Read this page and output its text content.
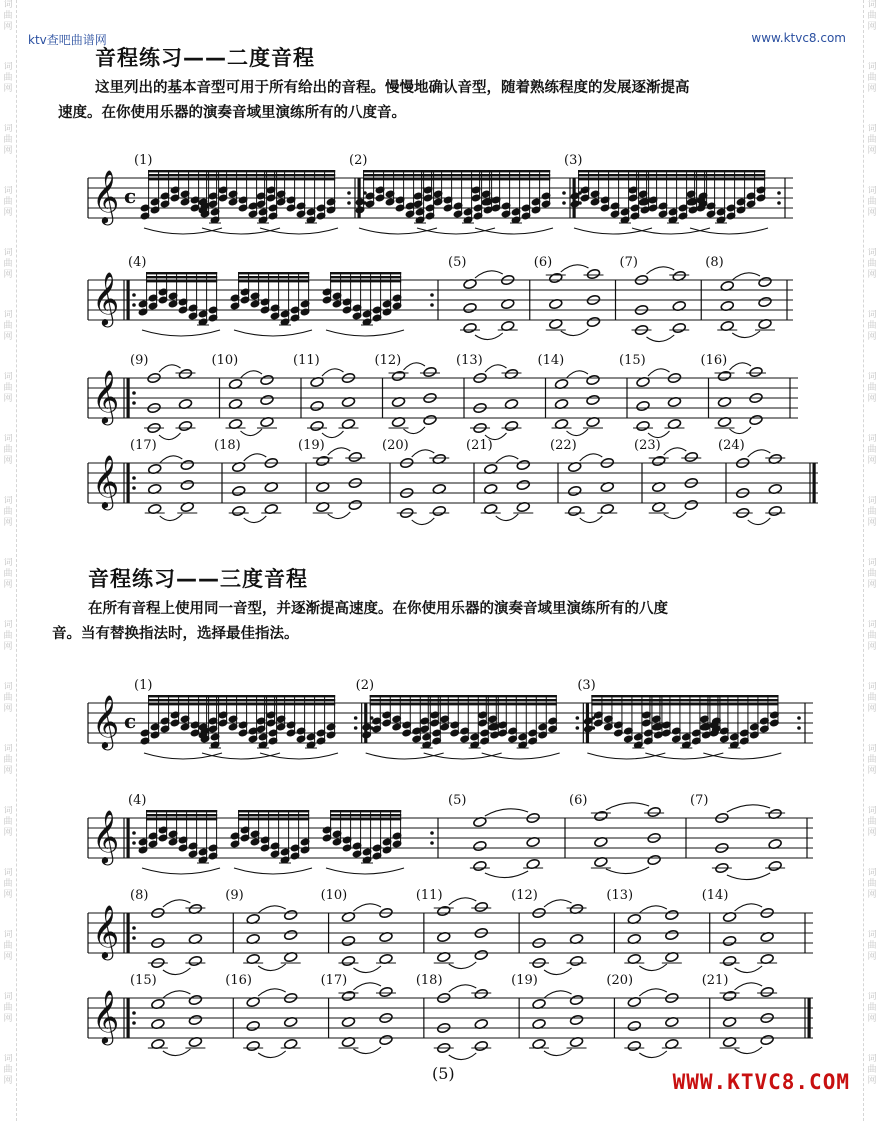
词
曲
网
词
曲
网
词
曲
网
词
曲
网
词
曲
网
词
曲
网
词
曲
网
词
曲
网
词
曲
网
词
曲
网
词
曲
网
词
曲
网
词
曲
网
词
曲
网
词
曲
网
词
曲
网
词
曲
网
词
曲
网
词
曲
网
词
曲
网
词
曲
网
词
曲
网
词
曲
网
词
曲
网
词
曲
网
词
曲
网
词
曲
网
词
曲
网
词
曲
网
词
曲
网
词
曲
网
词
曲
网
词
曲
网
词
曲
网
词
曲
网
词
曲
网
ktv查吧曲谱网	www.ktvc8.com
音程练习——二度音程
这里列出的基本音型可用于所有给出的音程。慢慢地确认音型，随着熟练程度的发展逐渐提高
速度。在你使用乐器的演奏音域里演练所有的八度音。
音程练习——三度音程
在所有音程上使用同一音型，并逐渐提高速度。在你使用乐器的演奏音域里演练所有的八度
音。当有替换指法时，选择最佳指法。
𝄞 c
(1)	(2)	(3)
𝄞
(4)	(5)	(6)	(7)	(8)
𝄞
(9)	(10)	(11)	(12)	(13)	(14)	(15)	(16)
𝄞
(17)	(18)	(19)	(20)	(21)	(22)	(23)	(24)
𝄞 c
(1)	(2)	(3)
𝄞
(4)	(5)	(6)	(7)
𝄞
(8)	(9)	(10)	(11)	(12)	(13)	(14)
𝄞
(15)	(16)	(17)	(18)	(19)	(20)	(21)
(5)	WWW.KTVC8.COM
